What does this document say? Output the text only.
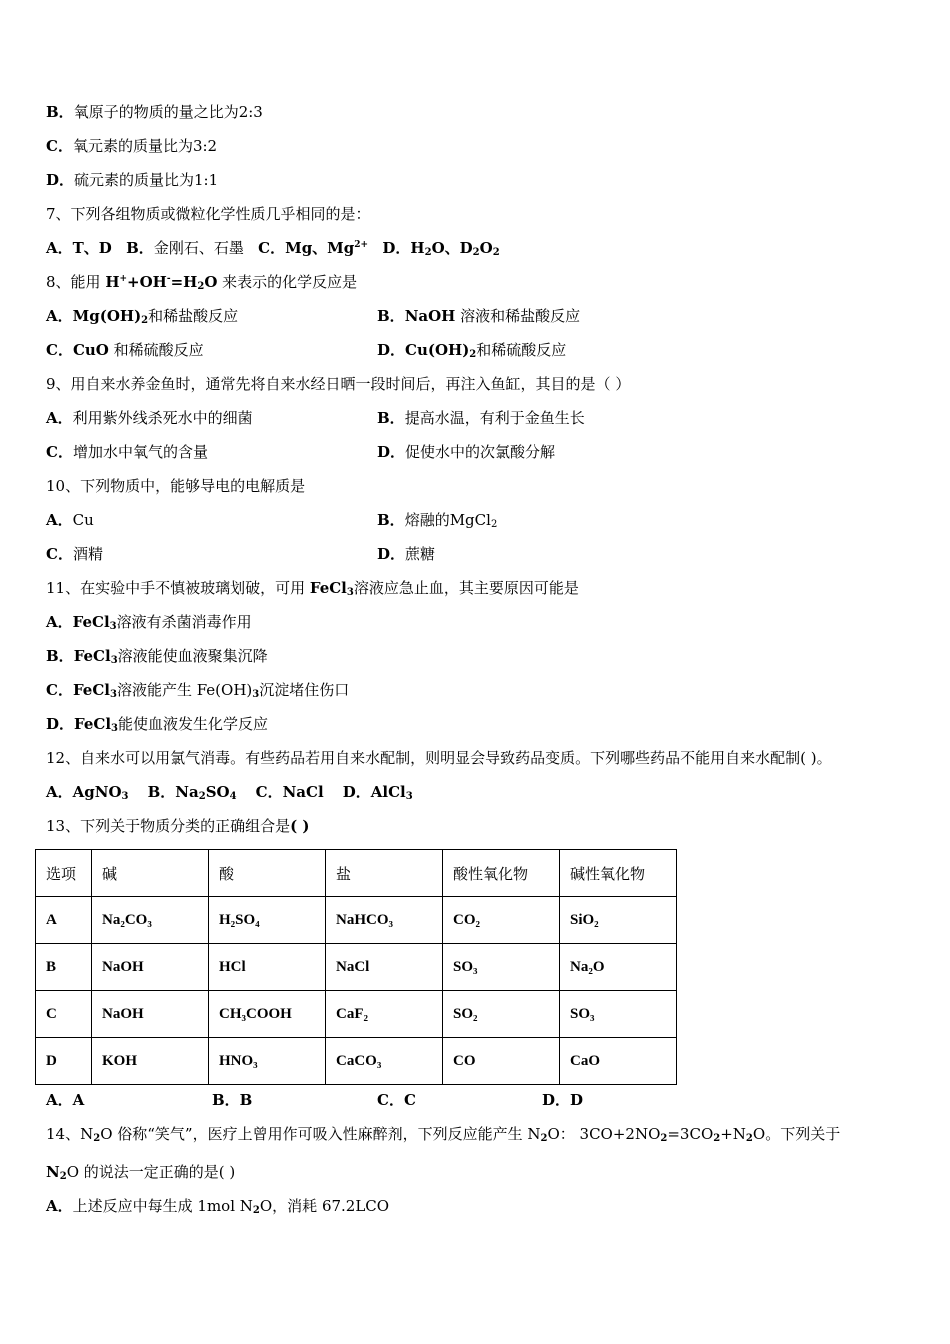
B．氧原子的物质的量之比为2:3
C．氧元素的质量比为3:2
D．硫元素的质量比为1:1
7、下列各组物质或微粒化学性质几乎相同的是：
A．T、D B．金刚石、石墨 C．Mg、$Mg^{2+}$ D．$H_2O$、$D_2O_2$
8、能用 $H^++OH^-=H_2O$ 来表示的化学反应是
A．$Mg(OH)_2$和稀盐酸反应	B．NaOH 溶液和稀盐酸反应
C．CuO 和稀硫酸反应	D．$Cu(OH)_2$和稀硫酸反应
9、用自来水养金鱼时，通常先将自来水经日晒一段时间后，再注入鱼缸，其目的是（ ）
A．利用紫外线杀死水中的细菌	B．提高水温，有利于金鱼生长
C．增加水中氧气的含量	D．促使水中的次氯酸分解
10、下列物质中，能够导电的电解质是
A．Cu	B．熔融的MgCl$_2$
C．酒精	D．蔗糖
11、在实验中手不慎被玻璃划破，可用 FeCl$_3$溶液应急止血，其主要原因可能是
A．FeCl$_3$溶液有杀菌消毒作用
B．FeCl$_3$溶液能使血液聚集沉降
C．FeCl$_3$溶液能产生 $Fe(OH)_3$沉淀堵住伤口
D．FeCl$_3$能使血液发生化学反应
12、自来水可以用氯气消毒。有些药品若用自来水配制，则明显会导致药品变质。下列哪些药品不能用自来水配制( )。
A．AgNO$_3$ B．$Na_2SO_4$ C．NaCl D．AlCl$_3$
13、下列关于物质分类的正确组合是( )
选项	碱	酸	盐	酸性氧化物	碱性氧化物
A	Na₂CO₃	H₂SO₄	NaHCO₃	CO₂	SiO₂
B	NaOH	HCl	NaCl	SO₃	Na₂O
C	NaOH	CH₃COOH	CaF₂	SO₂	SO₃
D	KOH	HNO₃	CaCO₃	CO	CaO
A．A	B．B	C．C	D．D
14、$N_2O$ 俗称“笑气”，医疗上曾用作可吸入性麻醉剂，下列反应能产生 $N_2O$： $3CO+2NO_2=3CO_2+N_2O$。下列关于
$N_2O$ 的说法一定正确的是( )
A．上述反应中每生成 1mol $N_2O$，消耗 67.2LCO
